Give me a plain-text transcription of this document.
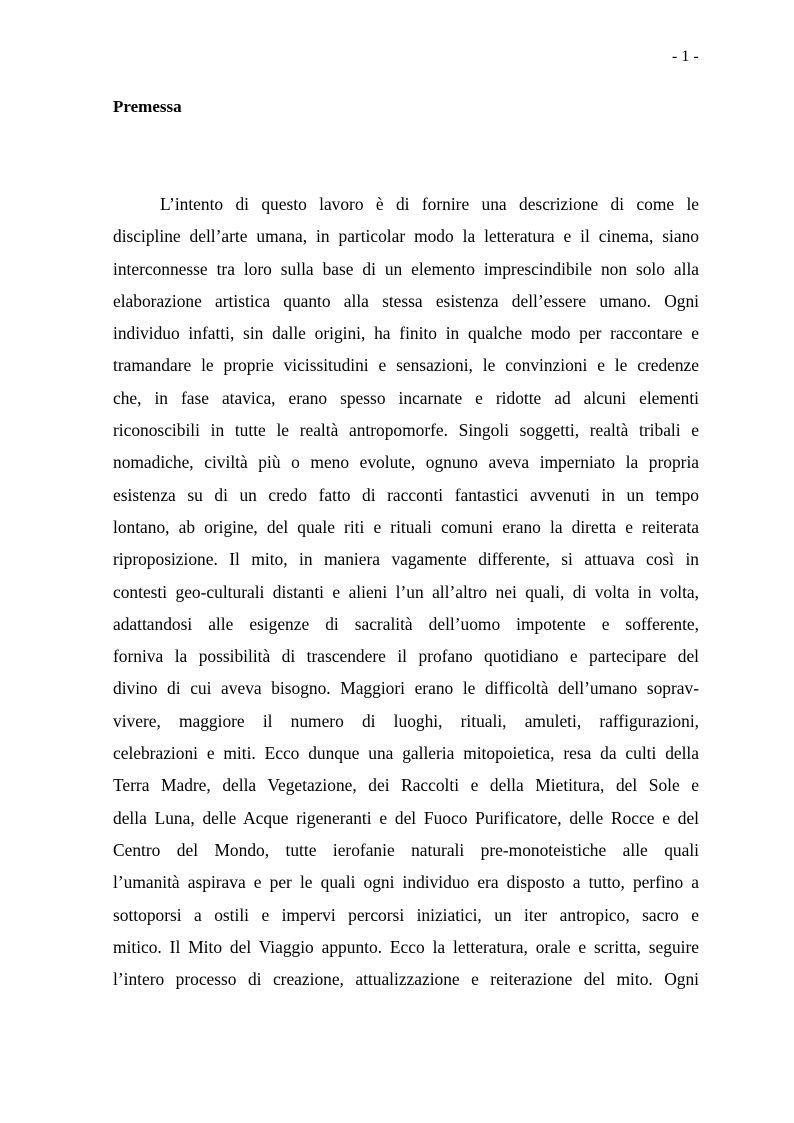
- 1 -
Premessa
L’intento di questo lavoro è di fornire una descrizione di come le
discipline dell’arte umana, in particolar modo la letteratura e il cinema, siano
interconnesse tra loro sulla base di un elemento imprescindibile non solo alla
elaborazione artistica quanto alla stessa esistenza dell’essere umano. Ogni
individuo infatti, sin dalle origini, ha finito in qualche modo per raccontare e
tramandare le proprie vicissitudini e sensazioni, le convinzioni e le credenze
che, in fase atavica, erano spesso incarnate e ridotte ad alcuni elementi
riconoscibili in tutte le realtà antropomorfe. Singoli soggetti, realtà tribali e
nomadiche, civiltà più o meno evolute, ognuno aveva imperniato la propria
esistenza su di un credo fatto di racconti fantastici avvenuti in un tempo
lontano, ab origine, del quale riti e rituali comuni erano la diretta e reiterata
riproposizione. Il mito, in maniera vagamente differente, si attuava così in
contesti geo-culturali distanti e alieni l’un all’altro nei quali, di volta in volta,
adattandosi alle esigenze di sacralità dell’uomo impotente e sofferente,
forniva la possibilità di trascendere il profano quotidiano e partecipare del
divino di cui aveva bisogno. Maggiori erano le difficoltà dell’umano soprav-
vivere, maggiore il numero di luoghi, rituali, amuleti, raffigurazioni,
celebrazioni e miti. Ecco dunque una galleria mitopoietica, resa da culti della
Terra Madre, della Vegetazione, dei Raccolti e della Mietitura, del Sole e
della Luna, delle Acque rigeneranti e del Fuoco Purificatore, delle Rocce e del
Centro del Mondo, tutte ierofanie naturali pre-monoteistiche alle quali
l’umanità aspirava e per le quali ogni individuo era disposto a tutto, perfino a
sottoporsi a ostili e impervi percorsi iniziatici, un iter antropico, sacro e
mitico. Il Mito del Viaggio appunto. Ecco la letteratura, orale e scritta, seguire
l’intero processo di creazione, attualizzazione e reiterazione del mito. Ogni
